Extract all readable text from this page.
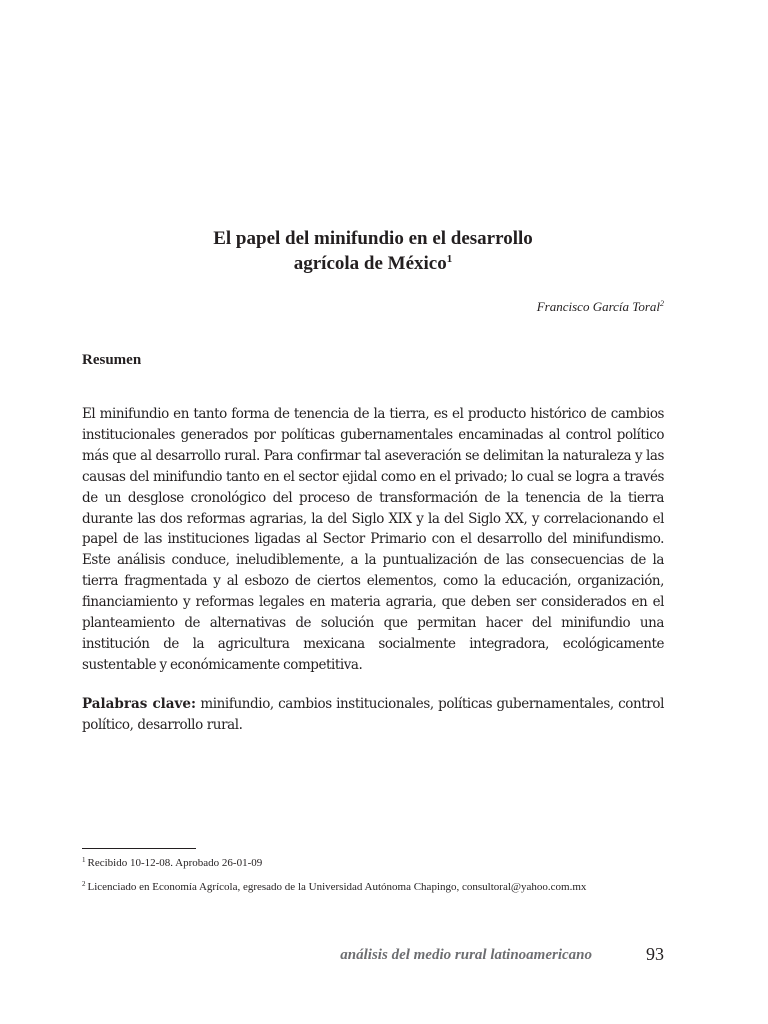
El papel del minifundio en el desarrollo
agrícola de México$^1$
Francisco García Toral$^2$
Resumen

El minifundio en tanto forma de tenencia de la tierra, es el producto histórico de cambios institucionales generados por políticas gubernamentales encaminadas al control político más que al desarrollo rural. Para confirmar tal aseveración se delimitan la naturaleza y las causas del minifundio tanto en el sector ejidal como en el privado; lo cual se logra a través de un desglose cronológico del proceso de transformación de la tenencia de la tierra durante las dos reformas agrarias, la del Siglo XIX y la del Siglo XX, y correlacionando el papel de las instituciones ligadas al Sector Primario con el desarrollo del minifundismo. Este análisis conduce, ineludiblemente, a la puntualización de las consecuencias de la tierra fragmentada y al esbozo de ciertos elementos, como la educación, organización, financiamiento y reformas legales en materia agraria, que deben ser considerados en el planteamiento de alternativas de solución que permitan hacer del minifundio una institución de la agricultura mexicana socialmente integradora, ecológicamente sustentable y económicamente competitiva.

Palabras clave: minifundio, cambios institucionales, políticas gubernamentales, control político, desarrollo rural.

$^1$ Recibido 10-12-08. Aprobado 26-01-09

$^2$ Licenciado en Economía Agrícola, egresado de la Universidad Autónoma Chapingo, consultoral@yahoo.com.mx

análisis del medio rural latinoamericano	93
